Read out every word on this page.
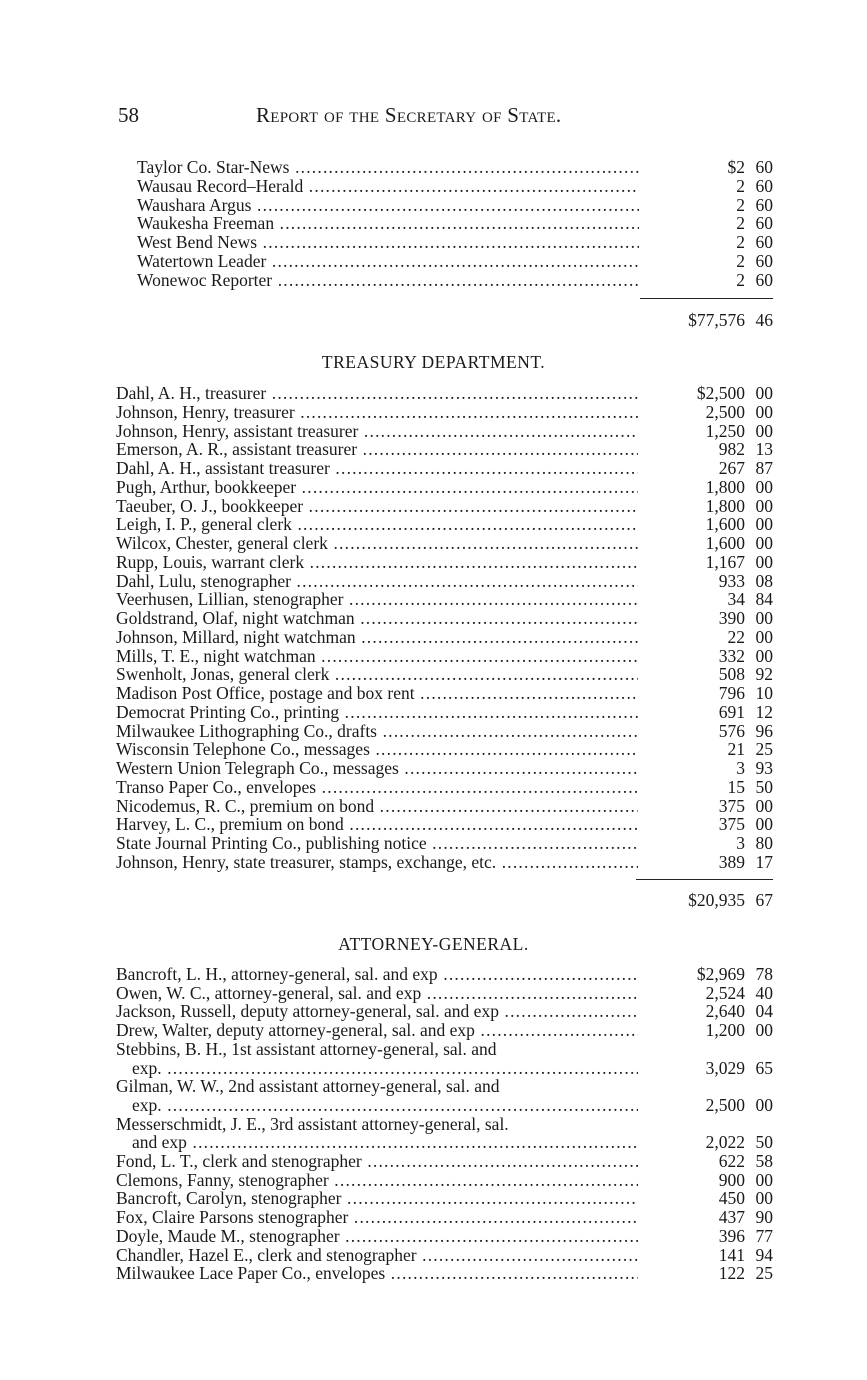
58	Report of the Secretary of State.
Taylor Co. Star-News .....	$2 60
Wausau Record–Herald .....	2 60
Waushara Argus .....	2 60
Waukesha Freeman .....	2 60
West Bend News .....	2 60
Watertown Leader .....	2 60
Wonewoc Reporter .....	2 60
$77,576 46
TREASURY DEPARTMENT.
Dahl, A. H., treasurer .....	$2,500 00
Johnson, Henry, treasurer .....	2,500 00
Johnson, Henry, assistant treasurer .....	1,250 00
Emerson, A. R., assistant treasurer .....	982 13
Dahl, A. H., assistant treasurer .....	267 87
Pugh, Arthur, bookkeeper .....	1,800 00
Taeuber, O. J., bookkeeper .....	1,800 00
Leigh, I. P., general clerk .....	1,600 00
Wilcox, Chester, general clerk .....	1,600 00
Rupp, Louis, warrant clerk .....	1,167 00
Dahl, Lulu, stenographer .....	933 08
Veerhusen, Lillian, stenographer .....	34 84
Goldstrand, Olaf, night watchman .....	390 00
Johnson, Millard, night watchman .....	22 00
Mills, T. E., night watchman .....	332 00
Swenholt, Jonas, general clerk .....	508 92
Madison Post Office, postage and box rent .....	796 10
Democrat Printing Co., printing .....	691 12
Milwaukee Lithographing Co., drafts .....	576 96
Wisconsin Telephone Co., messages .....	21 25
Western Union Telegraph Co., messages .....	3 93
Transo Paper Co., envelopes .....	15 50
Nicodemus, R. C., premium on bond .....	375 00
Harvey, L. C., premium on bond .....	375 00
State Journal Printing Co., publishing notice .....	3 80
Johnson, Henry, state treasurer, stamps, exchange, etc. .....	389 17
$20,935 67
ATTORNEY-GENERAL.
Bancroft, L. H., attorney-general, sal. and exp .....	$2,969 78
Owen, W. C., attorney-general, sal. and exp .....	2,524 40
Jackson, Russell, deputy attorney-general, sal. and exp .....	2,640 04
Drew, Walter, deputy attorney-general, sal. and exp .....	1,200 00
Stebbins, B. H., 1st assistant attorney-general, sal. and
exp. .....	3,029 65
Gilman, W. W., 2nd assistant attorney-general, sal. and
exp. .....	2,500 00
Messerschmidt, J. E., 3rd assistant attorney-general, sal.
and exp .....	2,022 50
Fond, L. T., clerk and stenographer .....	622 58
Clemons, Fanny, stenographer .....	900 00
Bancroft, Carolyn, stenographer .....	450 00
Fox, Claire Parsons stenographer .....	437 90
Doyle, Maude M., stenographer .....	396 77
Chandler, Hazel E., clerk and stenographer .....	141 94
Milwaukee Lace Paper Co., envelopes .....	122 25
